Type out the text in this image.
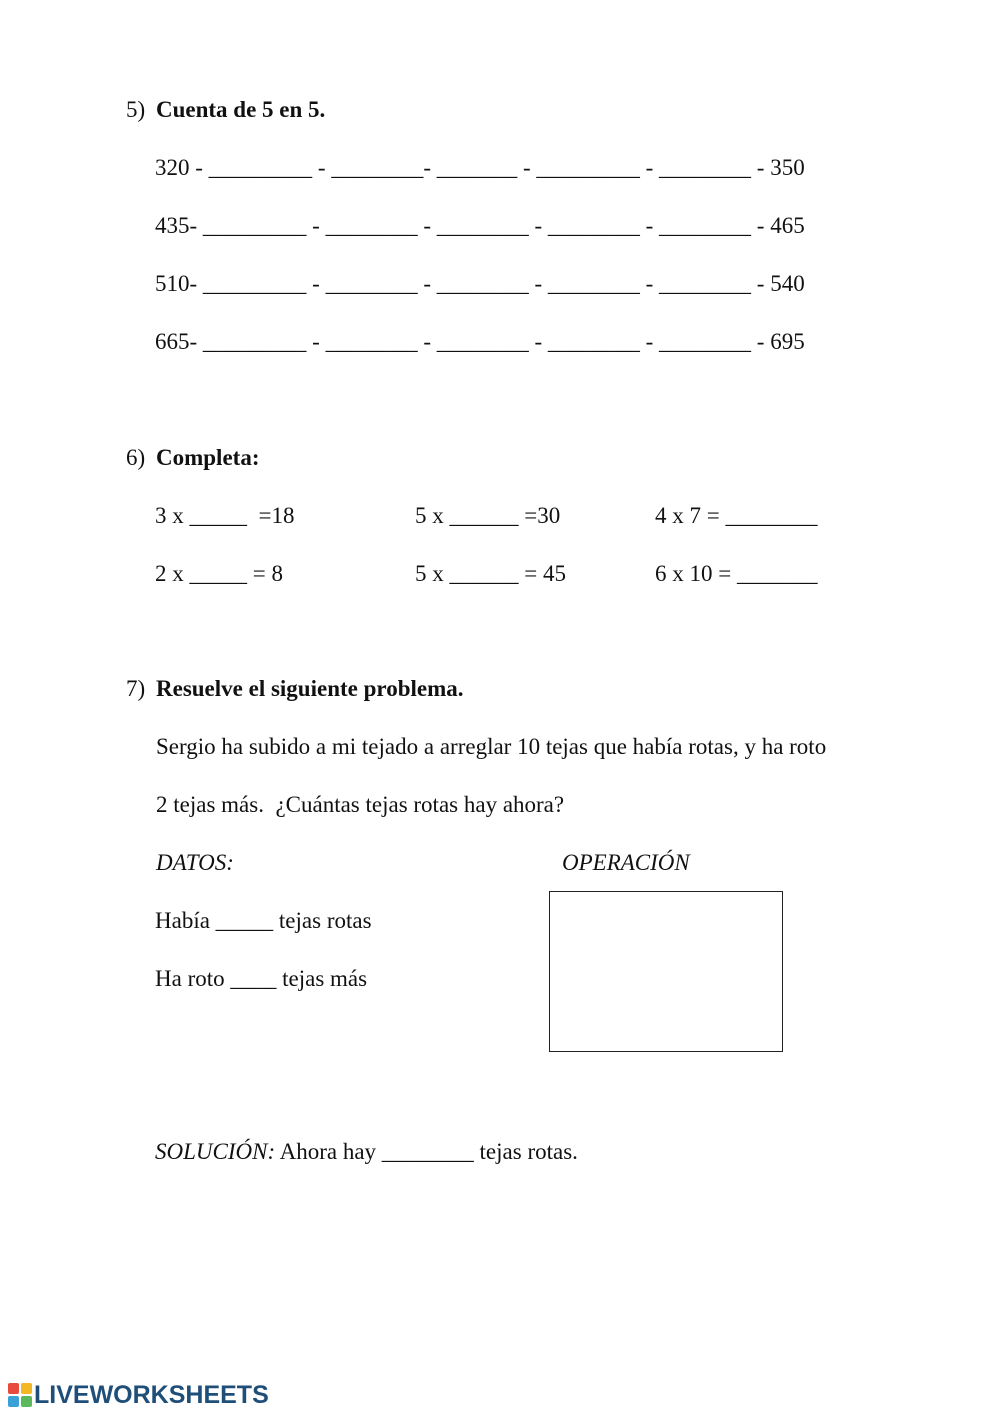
5) Cuenta de 5 en 5.
320 - _________ - ________- _______ - _________ - ________ - 350
435- _________ - ________ - ________ - ________ - ________ - 465
510- _________ - ________ - ________ - ________ - ________ - 540
665- _________ - ________ - ________ - ________ - ________ - 695
6) Completa:
3 x _____  =18	5 x ______ =30	4 x 7 = ________
2 x _____ = 8	5 x ______ = 45	6 x 10 = _______
7) Resuelve el siguiente problema.
Sergio ha subido a mi tejado a arreglar 10 tejas que había rotas, y ha roto
2 tejas más.  ¿Cuántas tejas rotas hay ahora?
DATOS:	OPERACIÓN
Había _____ tejas rotas
Ha roto ____ tejas más
SOLUCIÓN: Ahora hay ________ tejas rotas.
LIVEWORKSHEETS
